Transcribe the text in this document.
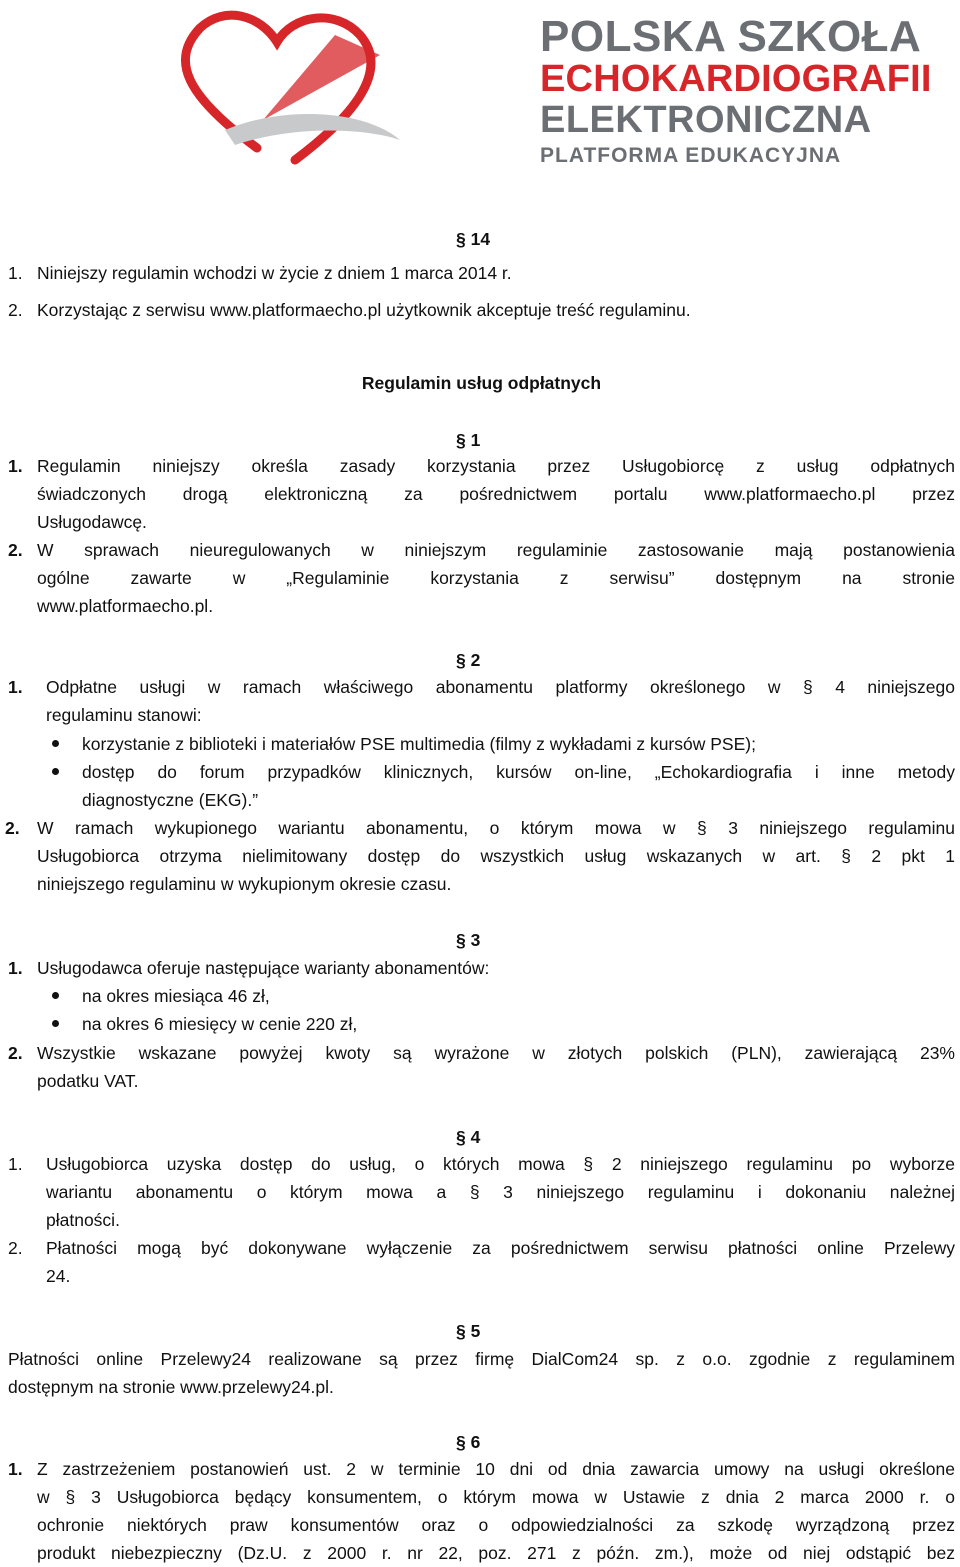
POLSKA SZKOŁA
ECHOKARDIOGRAFII
ELEKTRONICZNA
PLATFORMA EDUKACYJNA
§ 14
1. Niniejszy regulamin wchodzi w życie z dniem 1 marca 2014 r.
2. Korzystając z serwisu www.platformaecho.pl użytkownik akceptuje treść regulaminu.
Regulamin usług odpłatnych
§ 1
1. Regulamin niniejszy określa zasady korzystania przez Usługobiorcę z usług odpłatnych
świadczonych drogą elektroniczną za pośrednictwem portalu www.platformaecho.pl przez
Usługodawcę.
2. W sprawach nieuregulowanych w niniejszym regulaminie zastosowanie mają postanowienia
ogólne zawarte w „Regulaminie korzystania z serwisu” dostępnym na stronie
www.platformaecho.pl.
§ 2
1. Odpłatne usługi w ramach właściwego abonamentu platformy określonego w § 4 niniejszego
regulaminu stanowi:
korzystanie z biblioteki i materiałów PSE multimedia (filmy z wykładami z kursów PSE);
dostęp do forum przypadków klinicznych, kursów on-line, „Echokardiografia i inne metody
diagnostyczne (EKG).”
2. W ramach wykupionego wariantu abonamentu, o którym mowa w § 3 niniejszego regulaminu
Usługobiorca otrzyma nielimitowany dostęp do wszystkich usług wskazanych w art. § 2 pkt 1
niniejszego regulaminu w wykupionym okresie czasu.
§ 3
1. Usługodawca oferuje następujące warianty abonamentów:
na okres miesiąca 46 zł,
na okres 6 miesięcy w cenie 220 zł,
2. Wszystkie wskazane powyżej kwoty są wyrażone w złotych polskich (PLN), zawierającą 23%
podatku VAT.
§ 4
1. Usługobiorca uzyska dostęp do usług, o których mowa § 2 niniejszego regulaminu po wyborze
wariantu abonamentu o którym mowa a § 3 niniejszego regulaminu i dokonaniu należnej
płatności.
2. Płatności mogą być dokonywane wyłączenie za pośrednictwem serwisu płatności online Przelewy
24.
§ 5
Płatności online Przelewy24 realizowane są przez firmę DialCom24 sp. z o.o. zgodnie z regulaminem
dostępnym na stronie www.przelewy24.pl.
§ 6
1. Z zastrzeżeniem postanowień ust. 2 w terminie 10 dni od dnia zawarcia umowy na usługi określone
w § 3 Usługobiorca będący konsumentem, o którym mowa w Ustawie z dnia 2 marca 2000 r. o
ochronie niektórych praw konsumentów oraz o odpowiedzialności za szkodę wyrządzoną przez
produkt niebezpieczny (Dz.U. z 2000 r. nr 22, poz. 271 z późn. zm.), może od niej odstąpić bez
